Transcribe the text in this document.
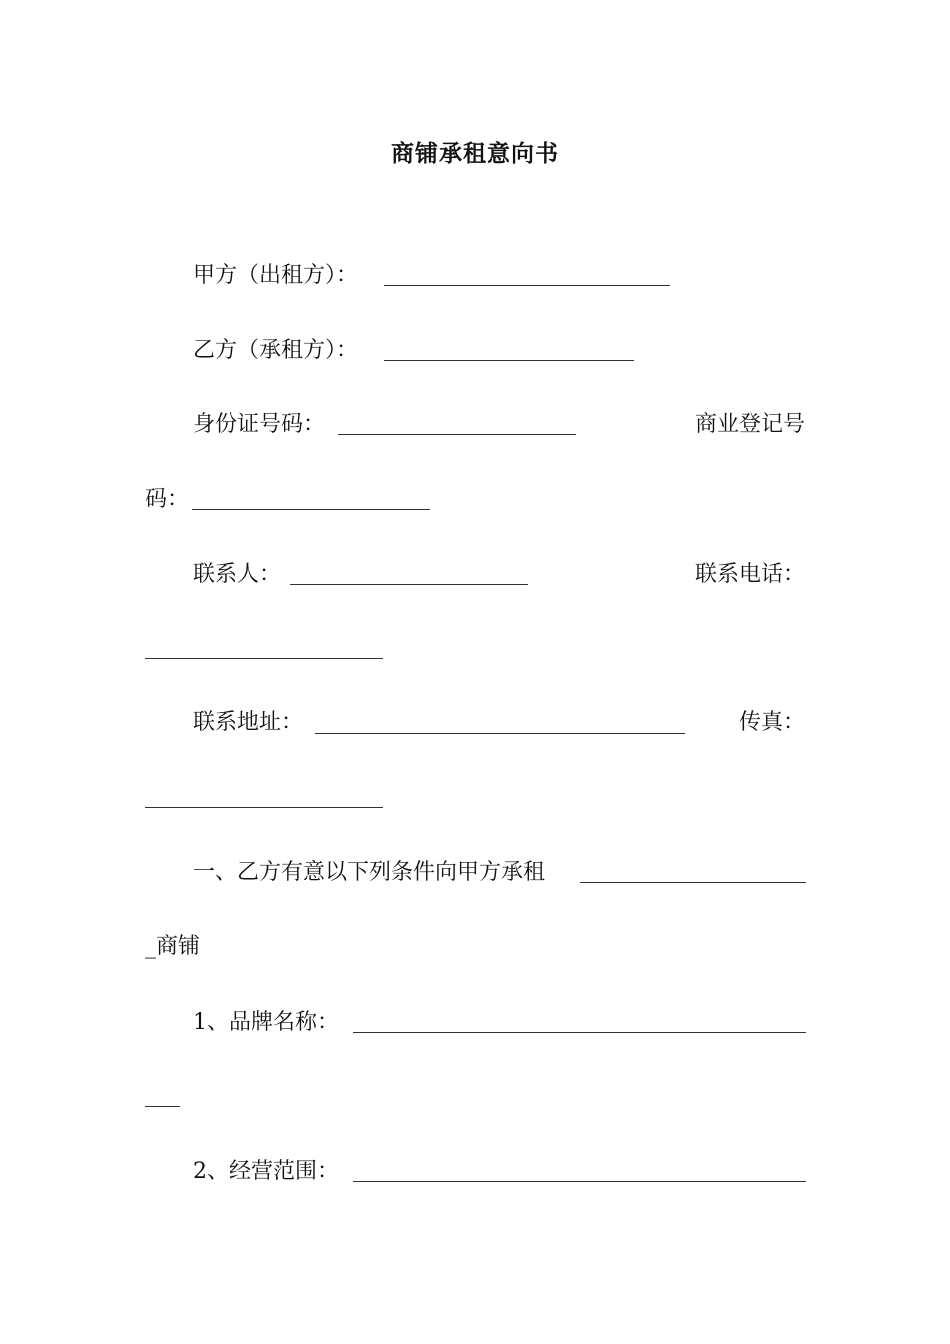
商铺承租意向书
甲方（出租方）：
乙方（承租方）：
身份证号码：	商业登记号
码：
联系人：	联系电话：
联系地址：	传真：
一、乙方有意以下列条件向甲方承租
_商铺
1、品牌名称：
2、经营范围：
